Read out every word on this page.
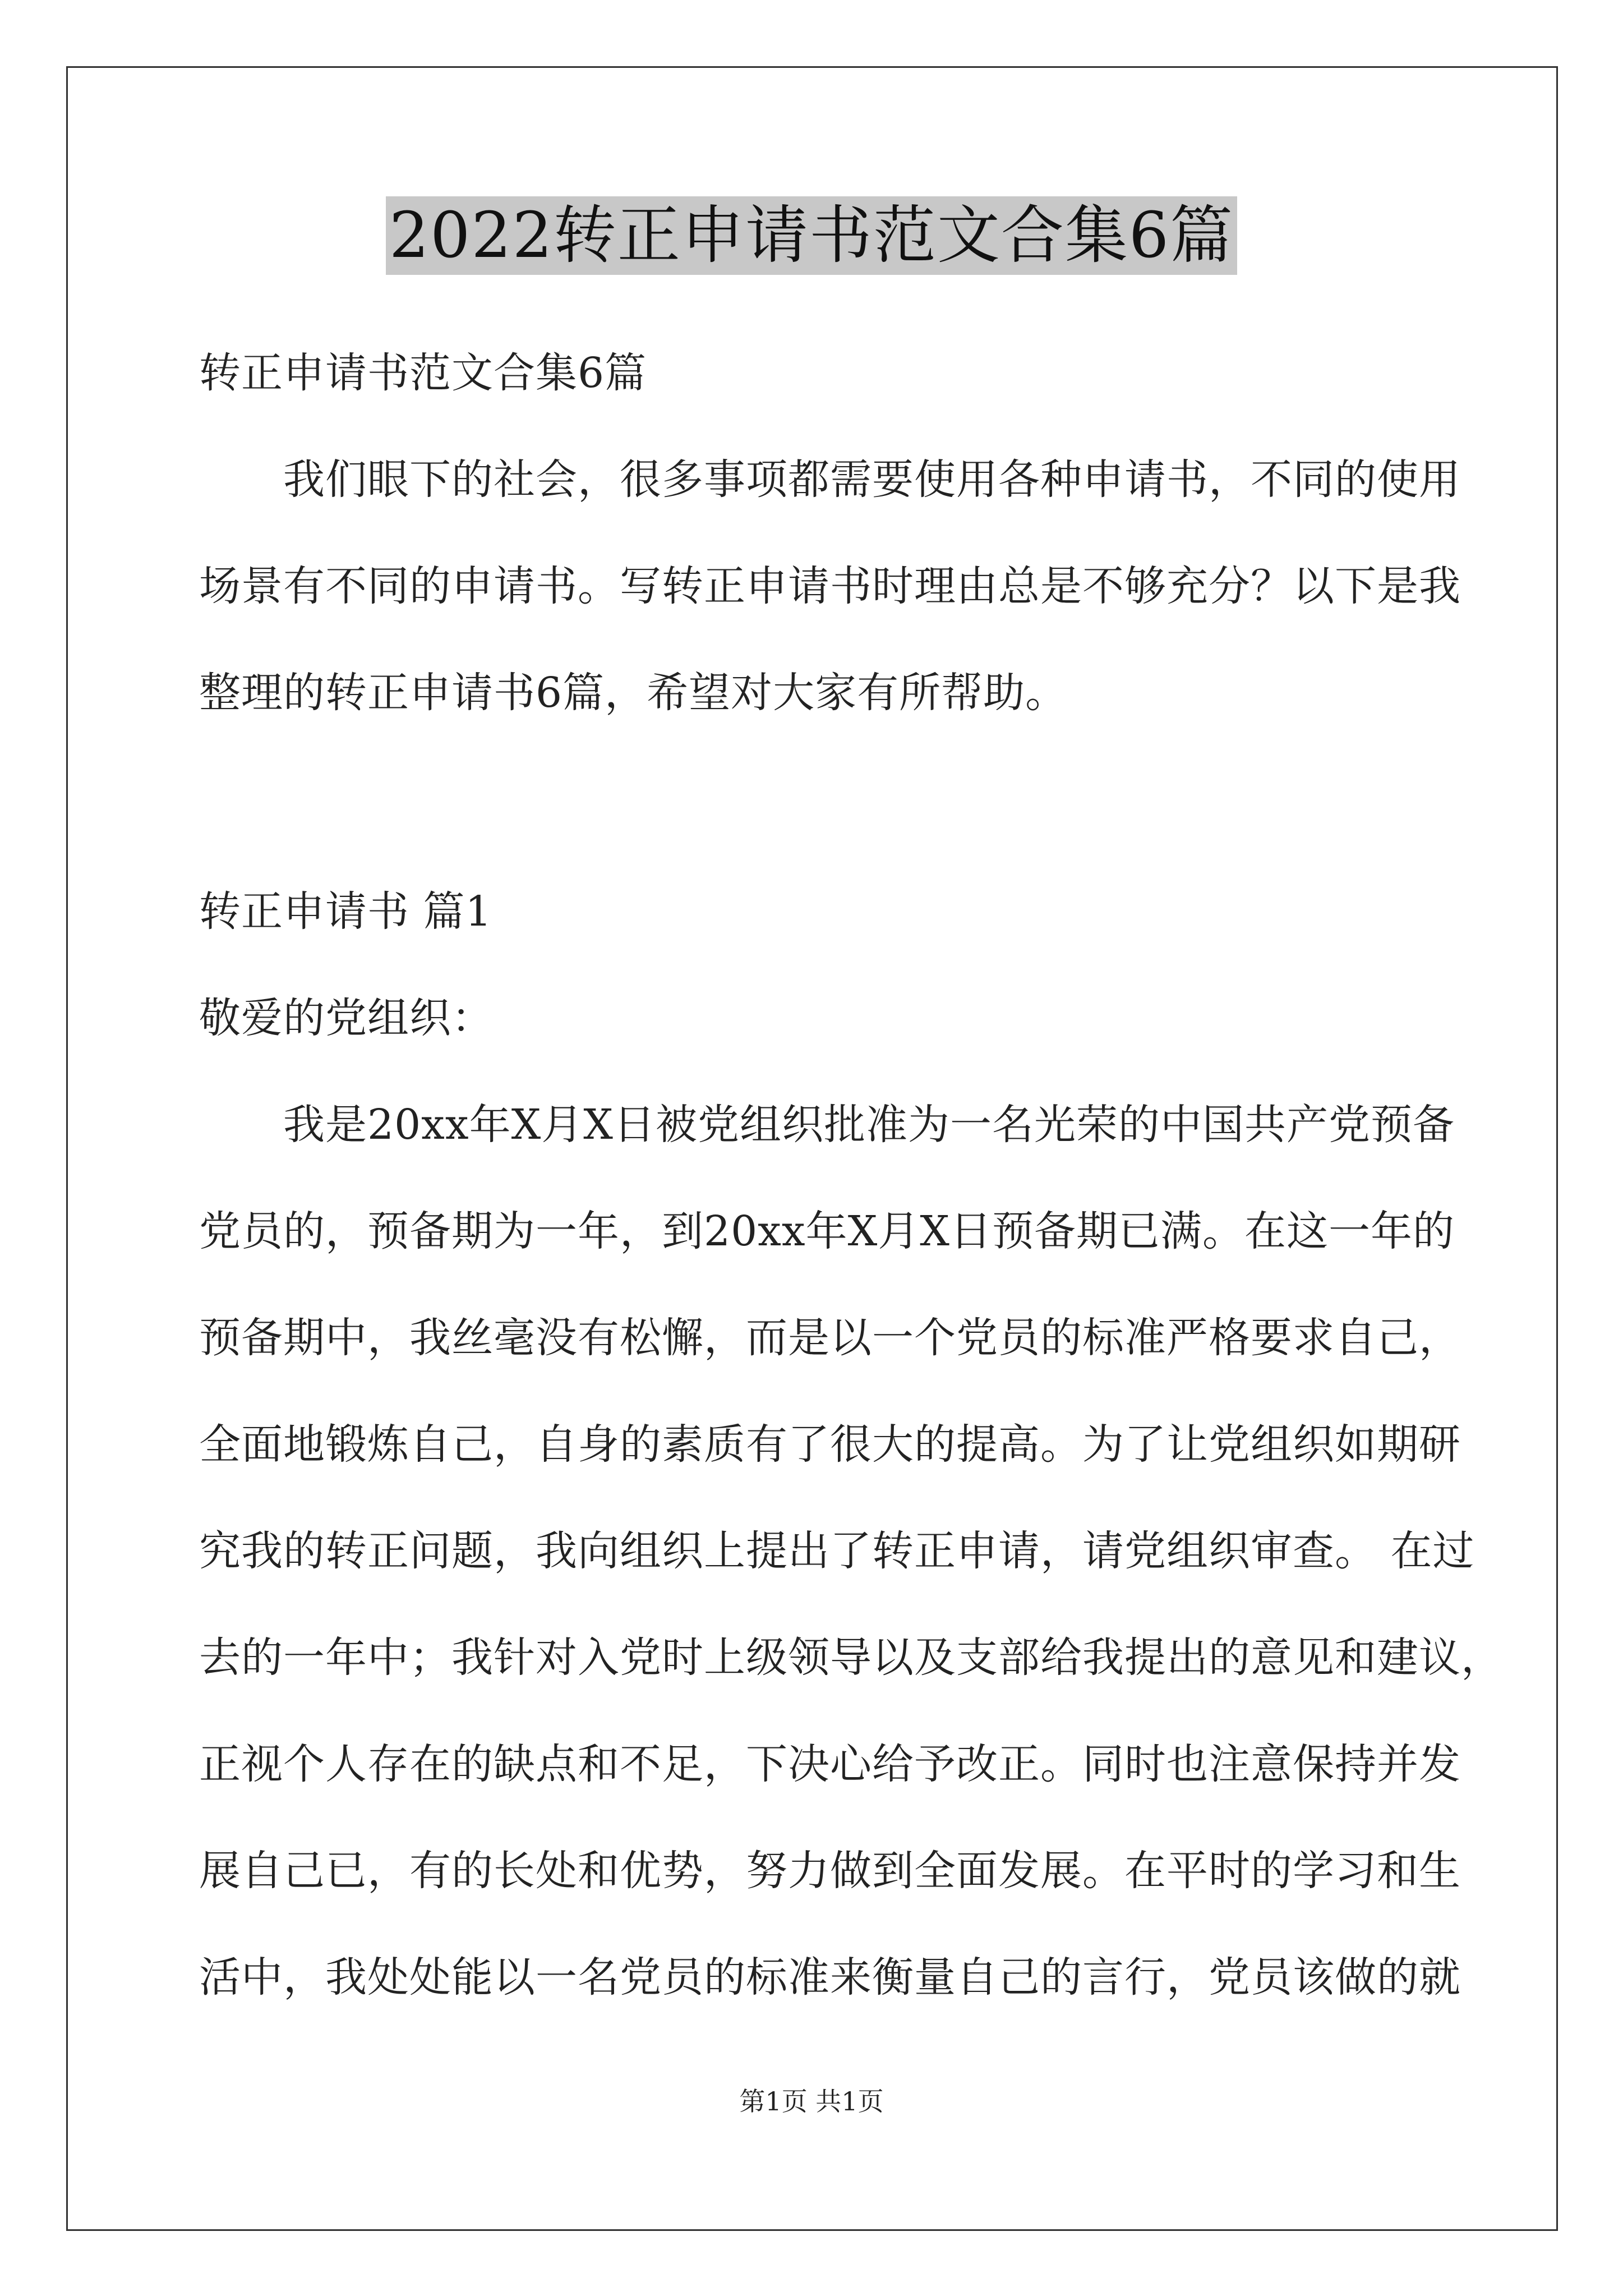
2022转正申请书范文合集6篇
转正申请书范文合集6篇
我们眼下的社会，很多事项都需要使用各种申请书，不同的使用
场景有不同的申请书。写转正申请书时理由总是不够充分？以下是我
整理的转正申请书6篇，希望对大家有所帮助。
转正申请书 篇1
敬爱的党组织：
我是20xx年X月X日被党组织批准为一名光荣的中国共产党预备
党员的，预备期为一年，到20xx年X月X日预备期已满。在这一年的
预备期中，我丝毫没有松懈，而是以一个党员的标准严格要求自己，
全面地锻炼自己，自身的素质有了很大的提高。为了让党组织如期研
究我的转正问题，我向组织上提出了转正申请，请党组织审查。 在过
去的一年中；我针对入党时上级领导以及支部给我提出的意见和建议，
正视个人存在的缺点和不足，下决心给予改正。同时也注意保持并发
展自己已，有的长处和优势，努力做到全面发展。在平时的学习和生
活中，我处处能以一名党员的标准来衡量自己的言行，党员该做的就
第1页 共1页
